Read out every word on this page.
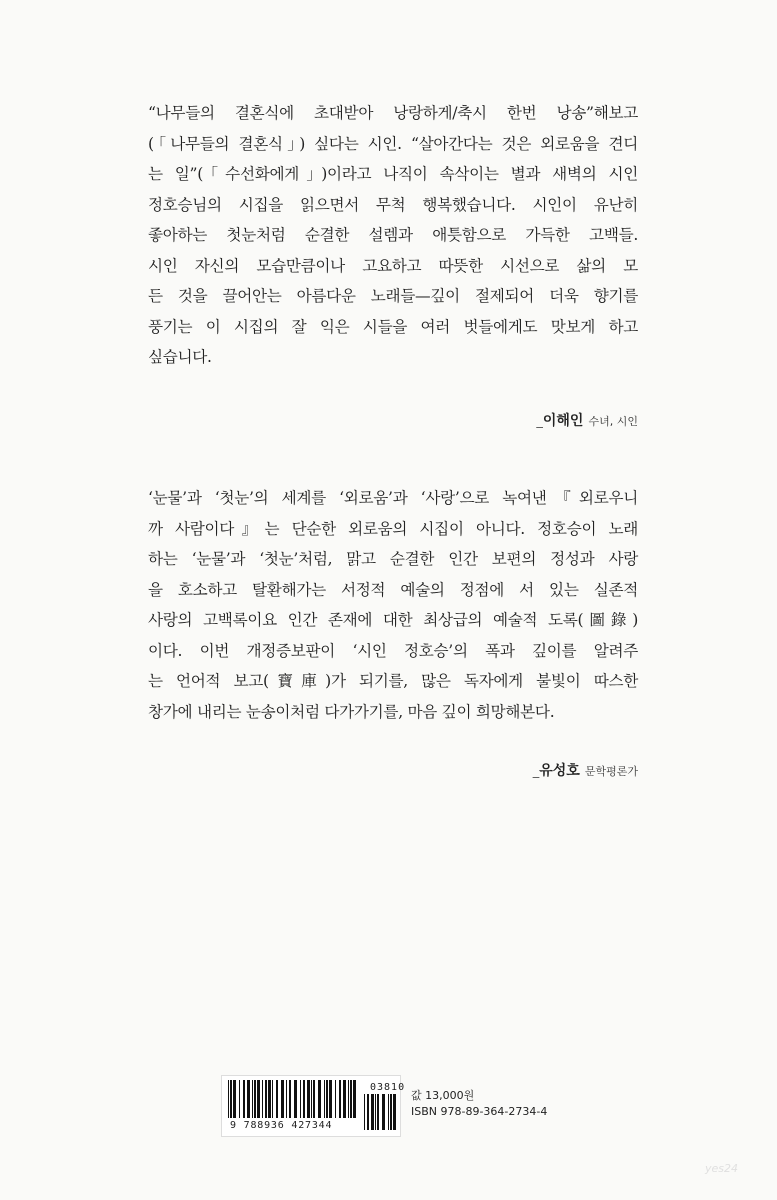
“나무들의 결혼식에 초대받아 낭랑하게/축시 한번 낭송”해보고
(「나무들의 결혼식」) 싶다는 시인. “살아간다는 것은 외로움을 견디
는 일”(「수선화에게」)이라고 나직이 속삭이는 별과 새벽의 시인
정호승님의 시집을 읽으면서 무척 행복했습니다. 시인이 유난히
좋아하는 첫눈처럼 순결한 설렘과 애틋함으로 가득한 고백들.
시인 자신의 모습만큼이나 고요하고 따뜻한 시선으로 삶의 모
든 것을 끌어안는 아름다운 노래들—깊이 절제되어 더욱 향기를
풍기는 이 시집의 잘 익은 시들을 여러 벗들에게도 맛보게 하고
싶습니다.
_이해인 수녀, 시인
‘눈물’과 ‘첫눈’의 세계를 ‘외로움’과 ‘사랑’으로 녹여낸『외로우니
까 사람이다』는 단순한 외로움의 시집이 아니다. 정호승이 노래
하는 ‘눈물’과 ‘첫눈’처럼, 맑고 순결한 인간 보편의 정성과 사랑
을 호소하고 탈환해가는 서정적 예술의 정점에 서 있는 실존적
사랑의 고백록이요 인간 존재에 대한 최상급의 예술적 도록(圖錄)
이다. 이번 개정증보판이 ‘시인 정호승’의 폭과 깊이를 알려주
는 언어적 보고(寶庫)가 되기를, 많은 독자에게 불빛이 따스한
창가에 내리는 눈송이처럼 다가가기를, 마음 깊이 희망해본다.
_유성호 문학평론가
03810
9 788936 427344
값 13,000원
ISBN 978-89-364-2734-4
yes24
